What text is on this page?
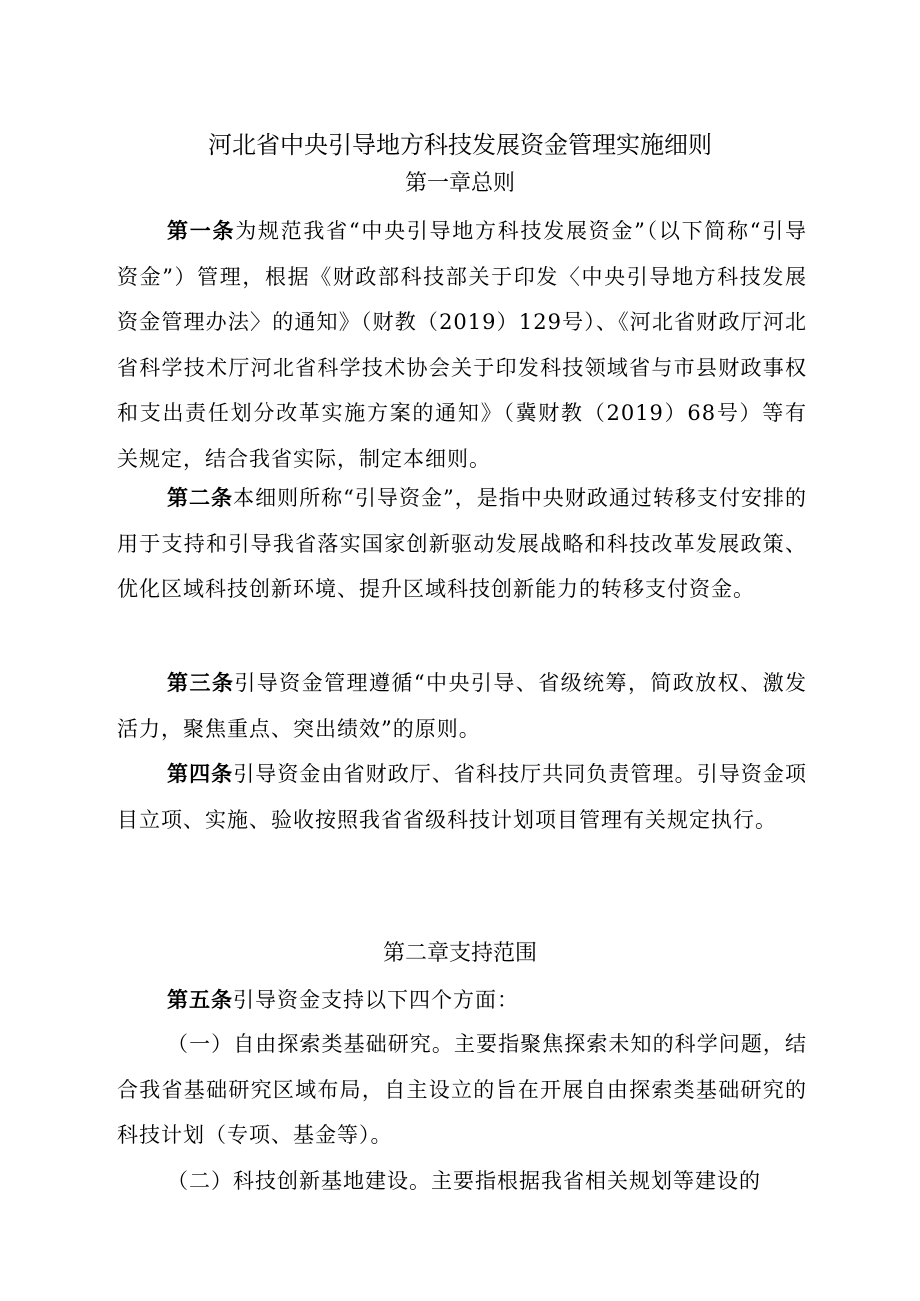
河北省中央引导地方科技发展资金管理实施细则
第一章总则

第一条为规范我省“中央引导地方科技发展资金”（以下简称“引导资金”）管理，根据《财政部科技部关于印发〈中央引导地方科技发展资金管理办法〉的通知》（财教（2019）129号）、《河北省财政厅河北省科学技术厅河北省科学技术协会关于印发科技领域省与市县财政事权和支出责任划分改革实施方案的通知》（冀财教（2019）68号）等有关规定，结合我省实际，制定本细则。

第二条本细则所称“引导资金”，是指中央财政通过转移支付安排的用于支持和引导我省落实国家创新驱动发展战略和科技改革发展政策、优化区域科技创新环境、提升区域科技创新能力的转移支付资金。

第三条引导资金管理遵循“中央引导、省级统筹，简政放权、激发活力，聚焦重点、突出绩效”的原则。

第四条引导资金由省财政厅、省科技厅共同负责管理。引导资金项目立项、实施、验收按照我省省级科技计划项目管理有关规定执行。

第二章支持范围

第五条引导资金支持以下四个方面：

（一）自由探索类基础研究。主要指聚焦探索未知的科学问题，结合我省基础研究区域布局，自主设立的旨在开展自由探索类基础研究的科技计划（专项、基金等）。

（二）科技创新基地建设。主要指根据我省相关规划等建设的
